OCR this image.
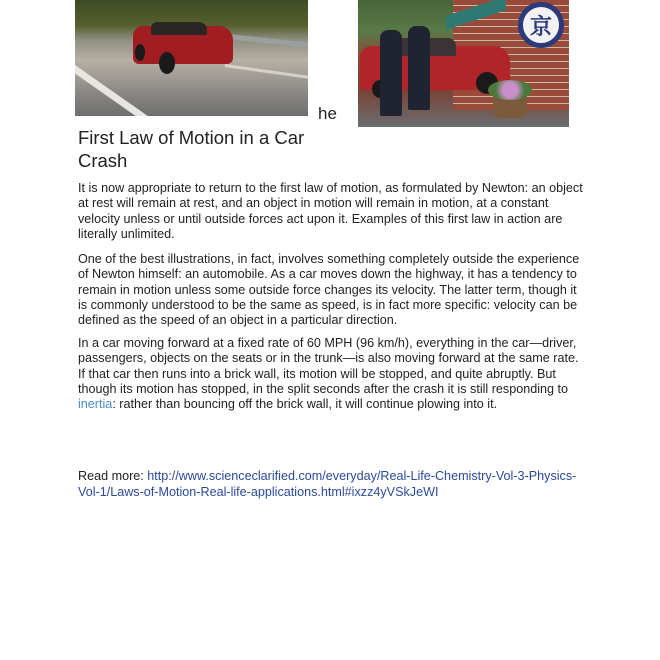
京
he
First Law of Motion in a Car Crash

It is now appropriate to return to the first law of motion, as formulated by Newton: an object at rest will remain at rest, and an object in motion will remain in motion, at a constant velocity unless or until outside forces act upon it. Examples of this first law in action are literally unlimited.

One of the best illustrations, in fact, involves something completely outside the experience of Newton himself: an automobile. As a car moves down the highway, it has a tendency to remain in motion unless some outside force changes its velocity. The latter term, though it is commonly understood to be the same as speed, is in fact more specific: velocity can be defined as the speed of an object in a particular direction.

In a car moving forward at a fixed rate of 60 MPH (96 km/h), everything in the car—driver, passengers, objects on the seats or in the trunk—is also moving forward at the same rate. If that car then runs into a brick wall, its motion will be stopped, and quite abruptly. But though its motion has stopped, in the split seconds after the crash it is still responding to inertia: rather than bouncing off the brick wall, it will continue plowing into it.

Read more: http://www.scienceclarified.com/everyday/Real-Life-Chemistry-Vol-3-Physics-Vol-1/Laws-of-Motion-Real-life-applications.html#ixzz4yVSkJeWI
